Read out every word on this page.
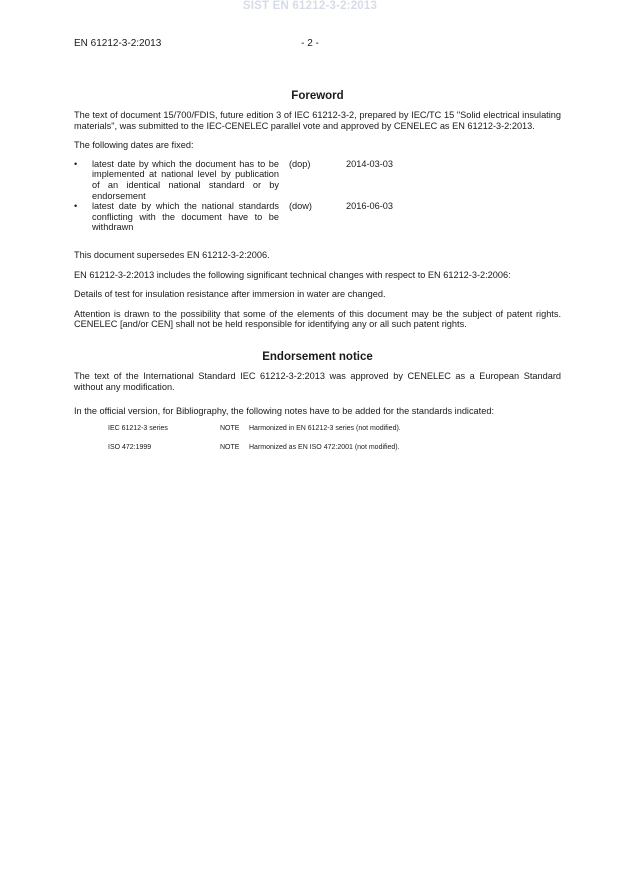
SIST EN 61212-3-2:2013
EN 61212-3-2:2013	- 2 -
Foreword

The text of document 15/700/FDIS, future edition 3 of IEC 61212-3-2, prepared by IEC/TC 15 "Solid electrical insulating materials", was submitted to the IEC-CENELEC parallel vote and approved by CENELEC as EN 61212-3-2:2013.

The following dates are fixed:

•
latest date by which the document has to be implemented at national level by publication of an identical national standard or by endorsement
(dop)	2014-03-03
•
latest date by which the national standards conflicting with the document have to be withdrawn
(dow)	2016-06-03

This document supersedes EN 61212-3-2:2006.

EN 61212-3-2:2013 includes the following significant technical changes with respect to EN 61212-3-2:2006:

Details of test for insulation resistance after immersion in water are changed.

Attention is drawn to the possibility that some of the elements of this document may be the subject of patent rights. CENELEC [and/or CEN] shall not be held responsible for identifying any or all such patent rights.

Endorsement notice

The text of the International Standard IEC 61212-3-2:2013 was approved by CENELEC as a European Standard without any modification.

In the official version, for Bibliography, the following notes have to be added for the standards indicated:

IEC 61212-3 series	NOTE	Harmonized in EN 61212-3 series (not modified).
ISO 472:1999	NOTE	Harmonized as EN ISO 472:2001 (not modified).
